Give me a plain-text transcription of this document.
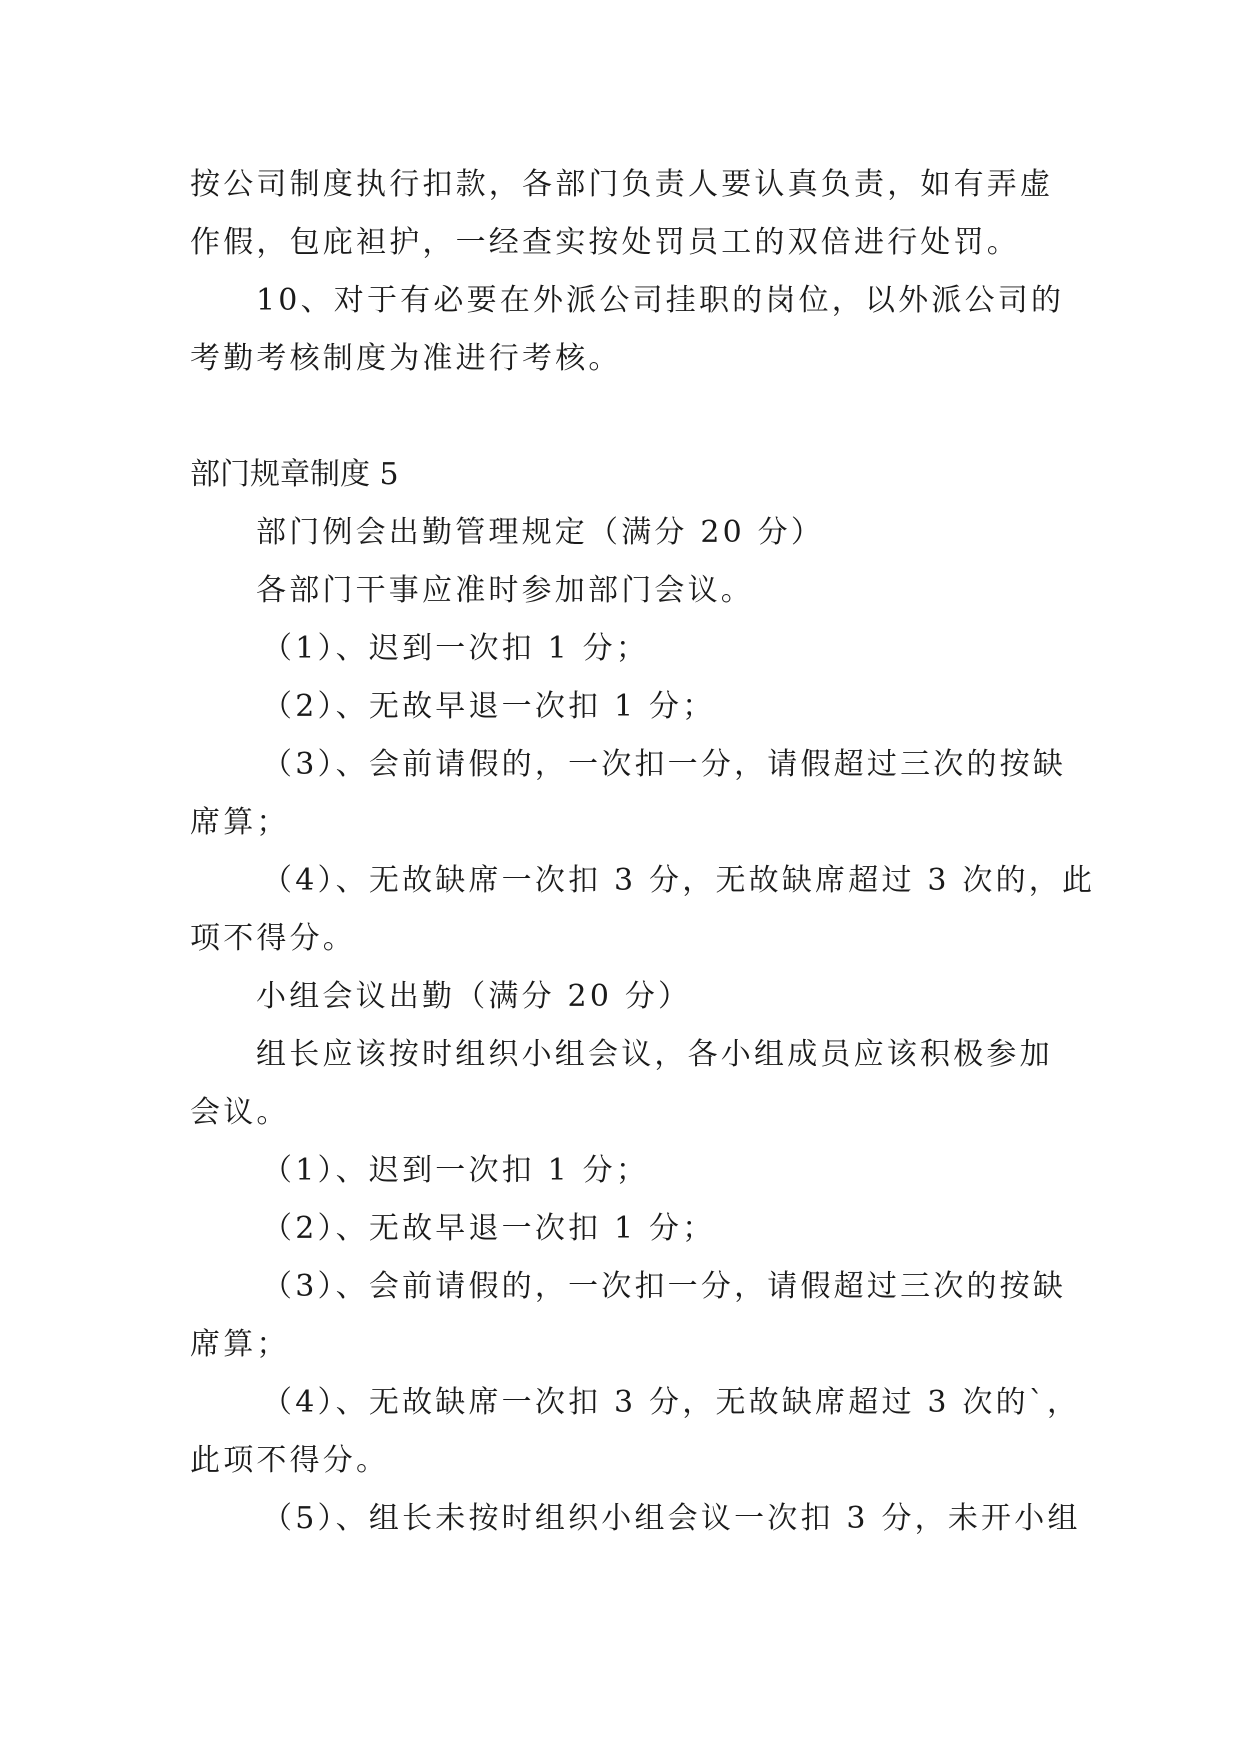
按公司制度执行扣款，各部门负责人要认真负责，如有弄虚
作假，包庇袒护，一经查实按处罚员工的双倍进行处罚。
10、对于有必要在外派公司挂职的岗位，以外派公司的
考勤考核制度为准进行考核。
部门规章制度 5
部门例会出勤管理规定（满分 20 分）
各部门干事应准时参加部门会议。
（1）、迟到一次扣 1 分；
（2）、无故早退一次扣 1 分；
（3）、会前请假的，一次扣一分，请假超过三次的按缺
席算；
（4）、无故缺席一次扣 3 分，无故缺席超过 3 次的，此
项不得分。
小组会议出勤（满分 20 分）
组长应该按时组织小组会议，各小组成员应该积极参加
会议。
（1）、迟到一次扣 1 分；
（2）、无故早退一次扣 1 分；
（3）、会前请假的，一次扣一分，请假超过三次的按缺
席算；
（4）、无故缺席一次扣 3 分，无故缺席超过 3 次的`，
此项不得分。
（5）、组长未按时组织小组会议一次扣 3 分，未开小组
